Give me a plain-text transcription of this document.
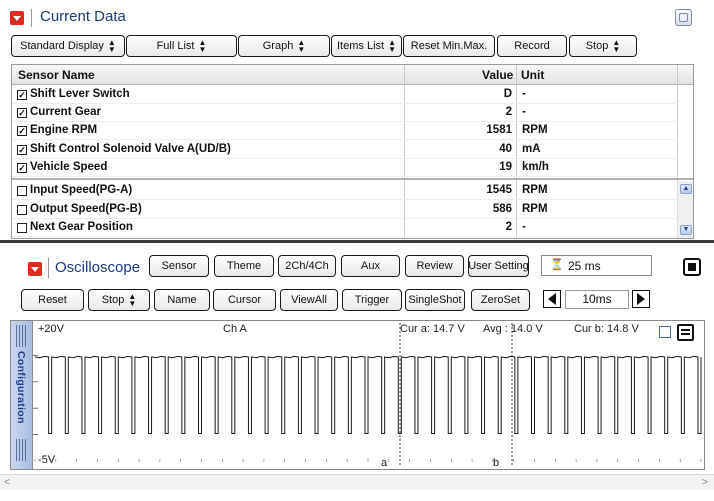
Current Data
Standard Display ▲
▼	Full List ▲
▼	Graph ▲
▼	Items List ▲
▼ Reset Min.Max. Record	Stop ▲
▼
Sensor Name	Value Unit
✓ Shift Lever Switch	D -
✓ Current Gear	2 -
✓ Engine RPM	1581 RPM
✓ Shift Control Solenoid Valve A(UD/B)	40 mA
✓ Vehicle Speed	19 km/h
Input Speed(PG-A)	1545 RPM
Output Speed(PG-B)	586 RPM
Next Gear Position	2 -
▲
▼
Oscilloscope Sensor	Theme 2Ch/4Ch	Aux	Review User Setting ⏳ 25 ms
Reset	Stop ▲
▼	Name	Cursor	ViewAll	Trigger SingleShot ZeroSet	10ms
Configuration
+20V
-5V
Ch A	Cur a: 14.7 V Avg : 14.0 V	Cur b: 14.8 V
a	b
<	>
